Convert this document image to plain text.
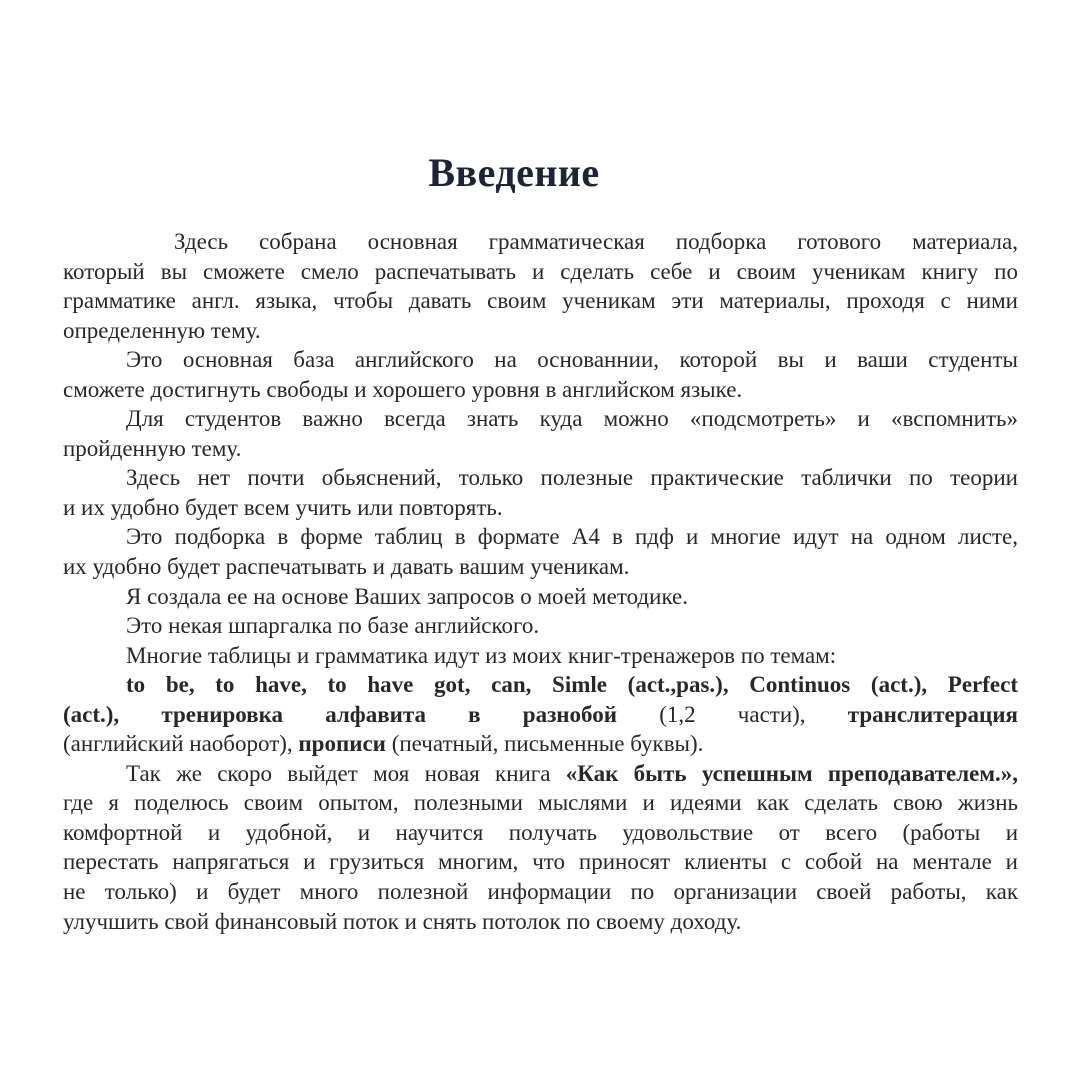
Введение
Здесь собрана основная грамматическая подборка готового материала,
который вы сможете смело распечатывать и сделать себе и своим ученикам книгу по
грамматике англ. языка, чтобы давать своим ученикам эти материалы, проходя с ними
определенную тему.
Это основная база английского на основаннии, которой вы и ваши студенты
сможете достигнуть свободы и хорошего уровня в английском языке.
Для студентов важно всегда знать куда можно «подсмотреть» и «вспомнить»
пройденную тему.
Здесь нет почти обьяснений, только полезные практические таблички по теории
и их удобно будет всем учить или повторять.
Это подборка в форме таблиц в формате А4 в пдф и многие идут на одном листе,
их удобно будет распечатывать и давать вашим ученикам.
Я создала ее на основе Ваших запросов о моей методике.
Это некая шпаргалка по базе английского.
Многие таблицы и грамматика идут из моих книг-тренажеров по темам:
to be, to have, to have got, can, Simle (act.,pas.), Continuos (act.), Perfect
(act.), тренировка алфавита в разнобой (1,2 части), транслитерация
(английский наоборот), прописи (печатный, письменные буквы).
Так же скоро выйдет моя новая книга «Как быть успешным преподавателем.»,
где я поделюсь своим опытом, полезными мыслями и идеями как сделать свою жизнь
комфортной и удобной, и научится получать удовольствие от всего (работы и
перестать напрягаться и грузиться многим, что приносят клиенты с собой на ментале и
не только) и будет много полезной информации по организации своей работы, как
улучшить свой финансовый поток и снять потолок по своему доходу.
